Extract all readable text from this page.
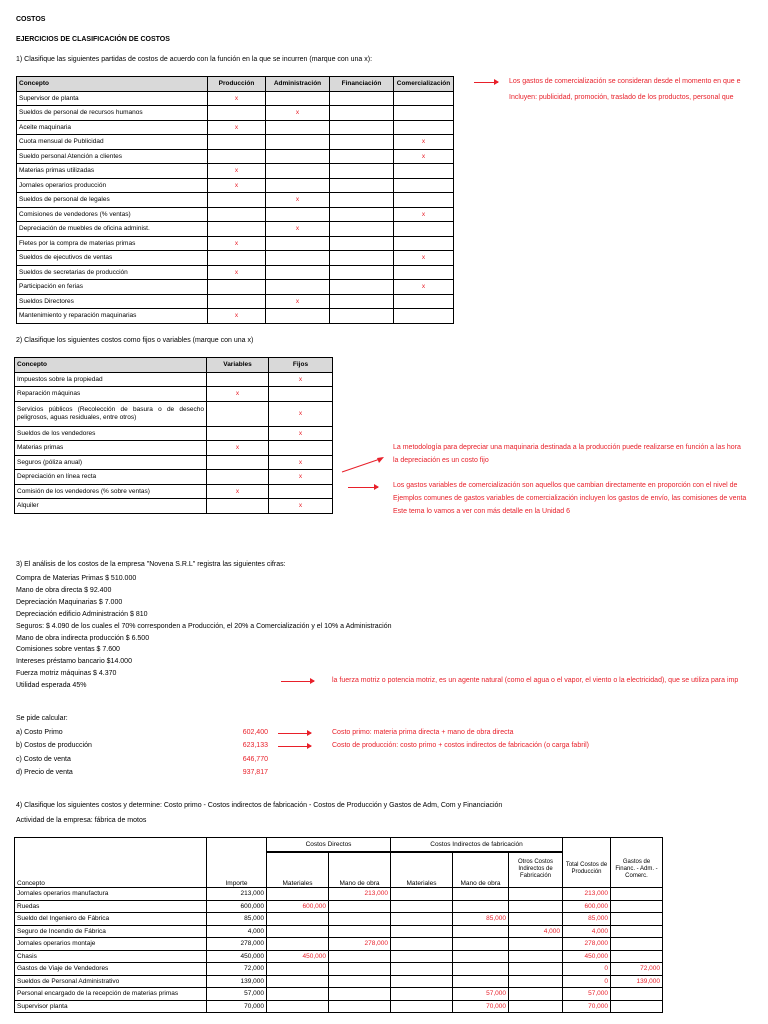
COSTOS
EJERCICIOS DE CLASIFICACIÓN DE COSTOS
1) Clasifique las siguientes partidas de costos de acuerdo con la función en la que se incurren (marque con una x):
Concepto	Producción	Administración	Financiación	Comercialización
Supervisor de planta	x			
Sueldos de personal de recursos humanos		x		
Aceite maquinaria	x			
Cuota mensual de Publicidad				x
Sueldo personal Atención a clientes				x
Materias primas utilizadas	x			
Jornales operarios producción	x			
Sueldos de personal de legales		x		
Comisiones de vendedores (% ventas)				x
Depreciación de muebles de oficina administ.		x		
Fletes por la compra de materias primas	x			
Sueldos de ejecutivos de ventas				x
Sueldos de secretarias de producción	x			
Participación en ferias				x
Sueldos Directores		x		
Mantenimiento y reparación maquinarias	x			
Los gastos de comercialización se consideran desde el momento en que e
Incluyen: publicidad, promoción, traslado de los productos, personal que
2) Clasifique los siguientes costos como fijos o variables (marque con una x)
Concepto	Variables	Fijos
Impuestos sobre la propiedad		x
Reparación máquinas	x	
Servicios públicos (Recolección de basura o de desecho peligrosos, aguas residuales, entre otros)		x
Sueldos de los vendedores		x
Materias primas	x	
Seguros (póliza anual)		x
Depreciación en línea recta		x
Comisión de los vendedores (% sobre ventas)	x	
Alquiler		x
La metodología para depreciar una maquinaria destinada a la producción puede realizarse en función a las hora
la depreciación es un costo fijo
Los gastos variables de comercialización son aquellos que cambian directamente en proporción con el nivel de
Ejemplos comunes de gastos variables de comercialización incluyen los gastos de envío, las comisiones de venta
Este tema lo vamos a ver con más detalle en la Unidad 6
3) El análisis de los costos de la empresa "Novena S.R.L" registra las siguientes cifras:
Compra de Materias Primas $ 510.000
Mano de obra directa $ 92.400
Depreciación Maquinarias $ 7.000
Depreciación edificio Administración $ 810
Seguros: $ 4.090 de los cuales el 70% corresponden a Producción, el 20% a Comercialización y el 10% a Administración
Mano de obra indirecta producción $ 6.500
Comisiones sobre ventas $ 7.600
Intereses préstamo bancario $14.000
Fuerza motriz máquinas $ 4.370
Utilidad esperada 45%
la fuerza motriz o potencia motriz, es un agente natural (como el agua o el vapor, el viento o la electricidad), que se utiliza para imp
Se pide calcular:
a) Costo Primo	602,400	Costo primo: materia prima directa + mano de obra directa
b) Costos de producción	623,133	Costo de producción: costo primo + costos indirectos de fabricación (o carga fabril)
c) Costo de venta	646,770
d) Precio de venta	937,817
4) Clasifique los siguientes costos y determine: Costo primo - Costos indirectos de fabricación - Costos de Producción y Gastos de Adm, Com y Financiación
Actividad de la empresa: fábrica de motos
		Costos Directos		Costos Indirectos de fabricación				
Concepto	Importe	Materiales	Mano de obra	Materiales	Mano de obra	Otros Costos Indirectos de Fabricación	Total Costos de Producción	Gastos de Financ. - Adm. - Comerc.
Jornales operarios manufactura	213,000		213,000				213,000	
Ruedas	600,000	600,000					600,000	
Sueldo del Ingeniero de Fábrica	85,000				85,000		85,000	
Seguro de Incendio de Fábrica	4,000					4,000	4,000	
Jornales operarios montaje	278,000		278,000				278,000	
Chasis	450,000	450,000					450,000	
Gastos de Viaje de Vendedores	72,000						0	72,000
Sueldos de Personal Administrativo	139,000						0	139,000
Personal encargado de la recepción de materias primas	57,000				57,000		57,000	
Supervisor planta	70,000				70,000		70,000	
